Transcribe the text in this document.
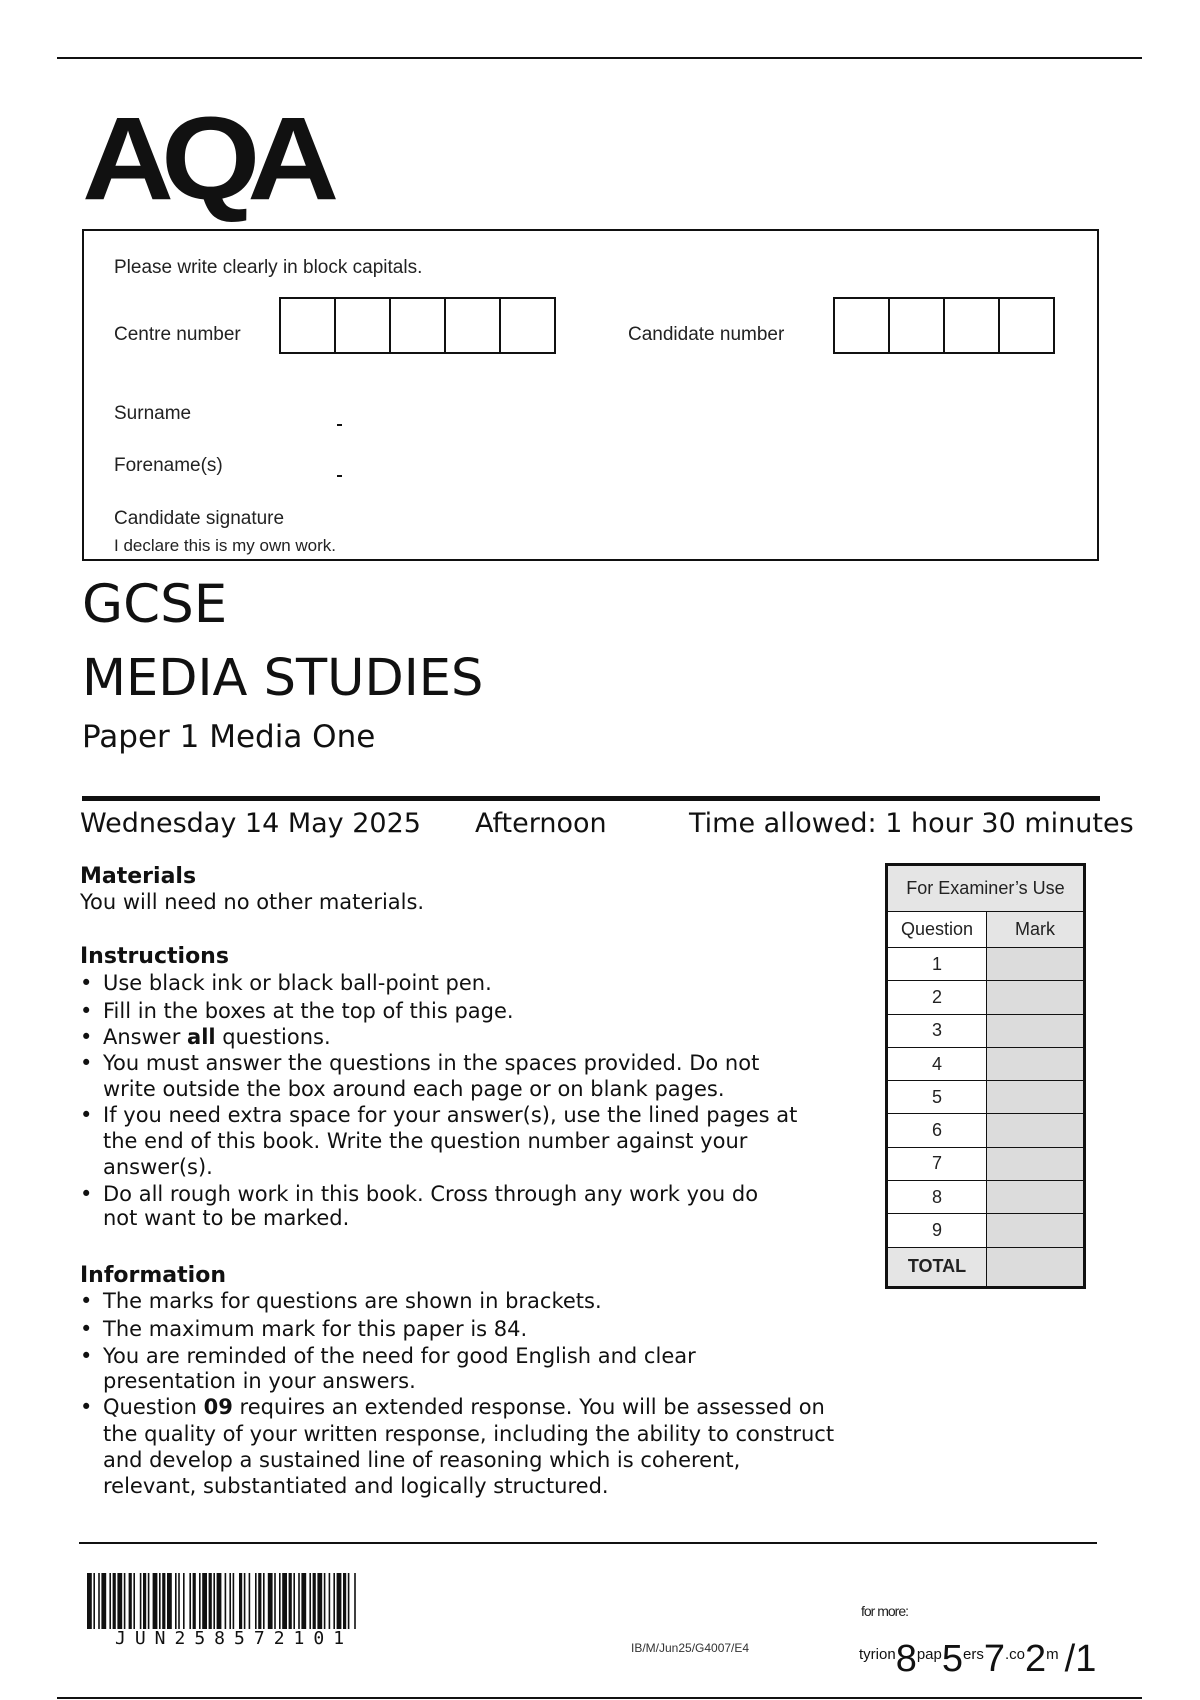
AQA
Please write clearly in block capitals.
Centre number	Candidate number
Surname
Forename(s)
Candidate signature
I declare this is my own work.
GCSE
MEDIA STUDIES
Paper 1 Media One
Wednesday 14 May 2025 Afternoon	Time allowed: 1 hour 30 minutes
Materials
You will need no other materials.
Instructions
• Use black ink or black ball-point pen.
• Fill in the boxes at the top of this page.
• Answer all questions.
• You must answer the questions in the spaces provided. Do not
write outside the box around each page or on blank pages.
• If you need extra space for your answer(s), use the lined pages at
the end of this book. Write the question number against your
answer(s).
• Do all rough work in this book. Cross through any work you do
not want to be marked.
Information
• The marks for questions are shown in brackets.
• The maximum mark for this paper is 84.
• You are reminded of the need for good English and clear
presentation in your answers.
• Question 09 requires an extended response. You will be assessed on
the quality of your written response, including the ability to construct
and develop a sustained line of reasoning which is coherent,
relevant, substantiated and logically structured.
For Examiner’s Use	
Question	Mark
1	
2	
3	
4	
5	
6	
7	
8	
9	
TOTAL	
JUN258572101	IB/M/Jun25/G4007/E4
for more:
tyrion8pap5ers7.co2m /1
